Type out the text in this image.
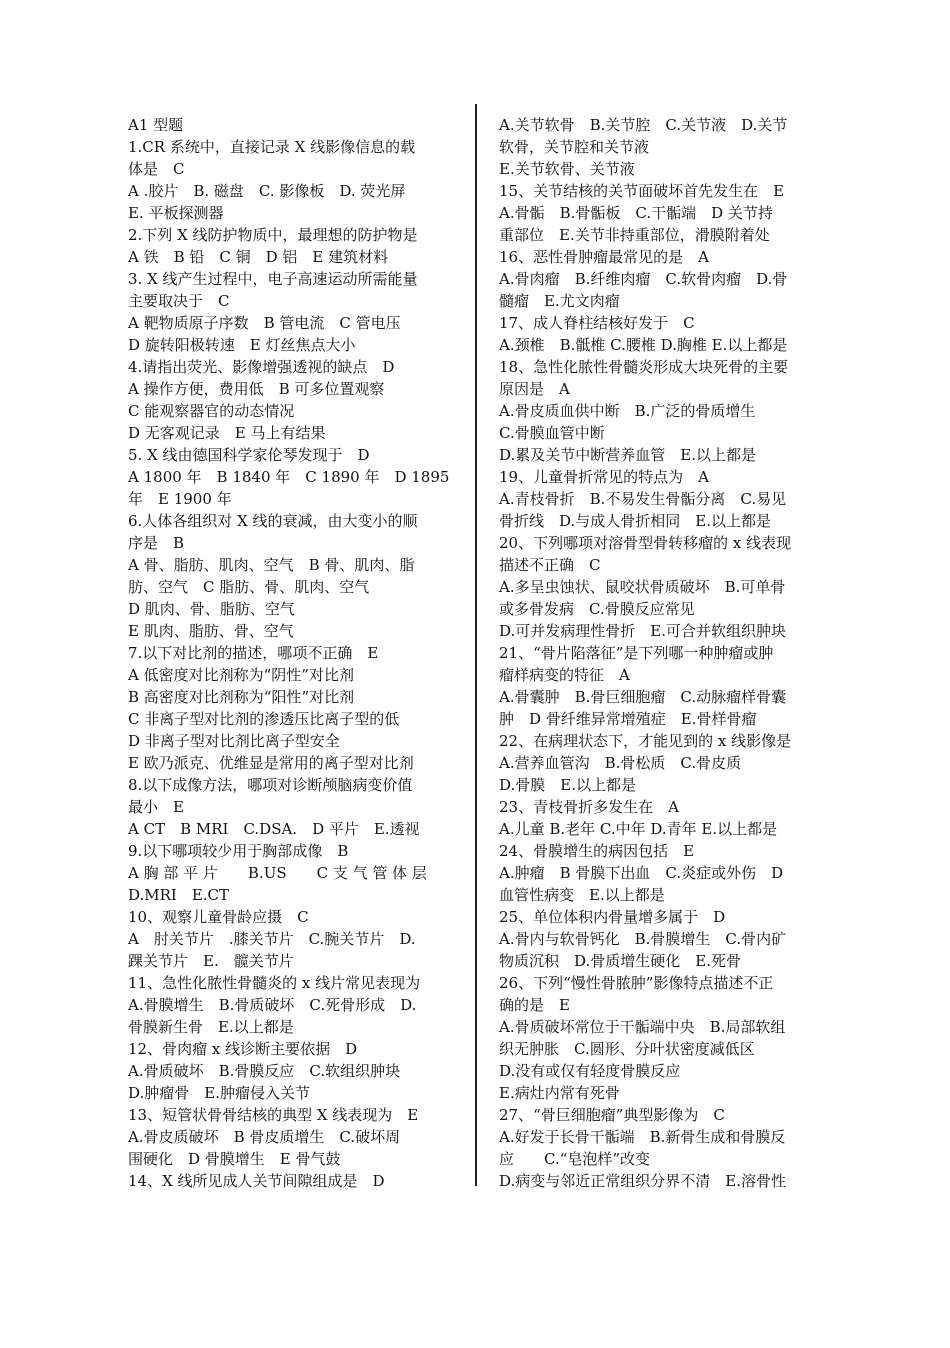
A1 型题
1.CR 系统中，直接记录 X 线影像信息的载
体是　C
A .胶片　B. 磁盘　C. 影像板　D. 荧光屏
E. 平板探测器
2.下列 X 线防护物质中，最理想的防护物是
A 铁　B 铅　C 铜　D 铝　E 建筑材料
3. X 线产生过程中，电子高速运动所需能量
主要取决于　C
A 靶物质原子序数　B 管电流　C 管电压
D 旋转阳极转速　E 灯丝焦点大小
4.请指出荧光、影像增强透视的缺点　D
A 操作方便，费用低　B 可多位置观察
C 能观察器官的动态情况
D 无客观记录　E 马上有结果
5. X 线由德国科学家伦琴发现于　D
A 1800 年　B 1840 年　C 1890 年　D 1895
年　E 1900 年
6.人体各组织对 X 线的衰减，由大变小的顺
序是　B
A 骨、脂肪、肌肉、空气　B 骨、肌肉、脂
肪、空气　C 脂肪、骨、肌肉、空气
D 肌肉、骨、脂肪、空气
E 肌肉、脂肪、骨、空气
7.以下对比剂的描述，哪项不正确　E
A 低密度对比剂称为“阴性”对比剂
B 高密度对比剂称为“阳性”对比剂
C 非离子型对比剂的渗透压比离子型的低
D 非离子型对比剂比离子型安全
E 欧乃派克、优维显是常用的离子型对比剂
8.以下成像方法，哪项对诊断颅脑病变价值
最小　E
A CT　B MRI　C.DSA.　D 平片　E.透视
9.以下哪项较少用于胸部成像　B
A 胸 部 平 片　　B.US　　C 支 气 管 体 层
D.MRI　E.CT
10、观察儿童骨龄应摄　C
A　肘关节片　.膝关节片　C.腕关节片　D.
踝关节片　E.　髋关节片
11、急性化脓性骨髓炎的 x 线片常见表现为
A.骨膜增生　B.骨质破坏　C.死骨形成　D.
骨膜新生骨　E.以上都是
12、骨肉瘤 x 线诊断主要依据　D
A.骨质破坏　B.骨膜反应　C.软组织肿块
D.肿瘤骨　E.肿瘤侵入关节
13、短管状骨骨结核的典型 X 线表现为　E
A.骨皮质破坏　B 骨皮质增生　C.破坏周
围硬化　D 骨膜增生　E 骨气鼓
14、X 线所见成人关节间隙组成是　D
A.关节软骨　B.关节腔　C.关节液　D.关节
软骨，关节腔和关节液
E.关节软骨、关节液
15、关节结核的关节面破坏首先发生在　E
A.骨骺　B.骨骺板　C.干骺端　D 关节持
重部位　E.关节非持重部位，滑膜附着处
16、恶性骨肿瘤最常见的是　A
A.骨肉瘤　B.纤维肉瘤　C.软骨肉瘤　D.骨
髓瘤　E.尤文肉瘤
17、成人脊柱结核好发于　C
A.颈椎　B.骶椎 C.腰椎 D.胸椎 E.以上都是
18、急性化脓性骨髓炎形成大块死骨的主要
原因是　A
A.骨皮质血供中断　B.广泛的骨质增生
C.骨膜血管中断
D.累及关节中断营养血管　E.以上都是
19、儿童骨折常见的特点为　A
A.青枝骨折　B.不易发生骨骺分离　C.易见
骨折线　D.与成人骨折相同　E.以上都是
20、下列哪项对溶骨型骨转移瘤的 x 线表现
描述不正确　C
A.多呈虫蚀状、鼠咬状骨质破坏　B.可单骨
或多骨发病　C.骨膜反应常见
D.可并发病理性骨折　E.可合并软组织肿块
21、“骨片陷落征”是下列哪一种肿瘤或肿
瘤样病变的特征　A
A.骨囊肿　B.骨巨细胞瘤　C.动脉瘤样骨囊
肿　D 骨纤维异常增殖症　E.骨样骨瘤
22、在病理状态下，才能见到的 x 线影像是
A.营养血管沟　B.骨松质　C.骨皮质
D.骨膜　E.以上都是
23、青枝骨折多发生在　A
A.儿童 B.老年 C.中年 D.青年 E.以上都是
24、骨膜增生的病因包括　E
A.肿瘤　B 骨膜下出血　C.炎症或外伤　D
血管性病变　E.以上都是
25、单位体积内骨量增多属于　D
A.骨内与软骨钙化　B.骨膜增生　C.骨内矿
物质沉积　D.骨质增生硬化　E.死骨
26、下列“慢性骨脓肿”影像特点描述不正
确的是　E
A.骨质破坏常位于干骺端中央　B.局部软组
织无肿胀　C.圆形、分叶状密度减低区
D.没有或仅有轻度骨膜反应
E.病灶内常有死骨
27、“骨巨细胞瘤”典型影像为　C
A.好发于长骨干骺端　B.新骨生成和骨膜反
应　　C.“皂泡样”改变
D.病变与邻近正常组织分界不清　E.溶骨性
